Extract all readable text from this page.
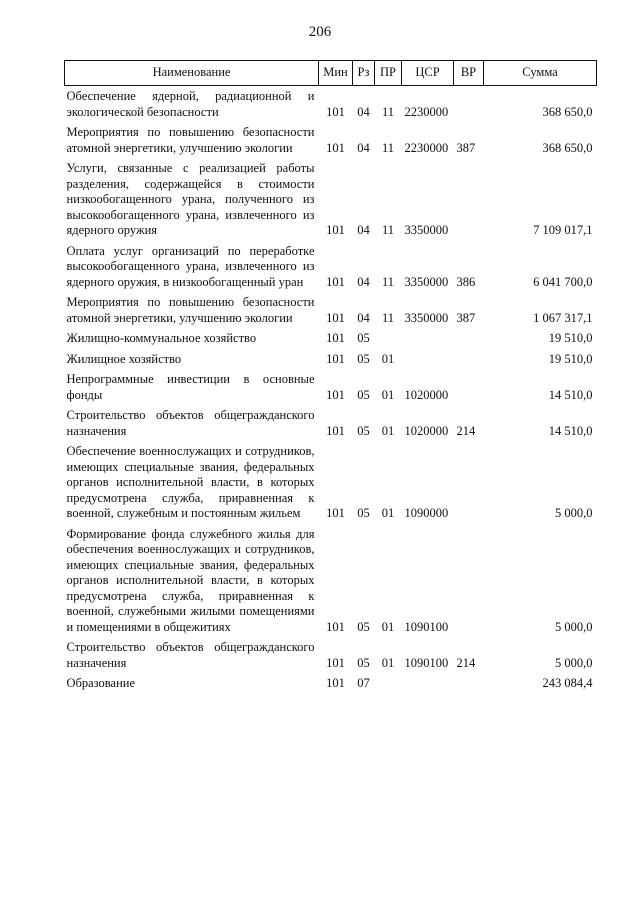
206
Наименование	Мин	Рз	ПР	ЦСР	ВР	Сумма
Обеспечение ядерной, радиационной и экологической безопасности	101	04	11	2230000		368 650,0
Мероприятия по повышению безопасности атомной энергетики, улучшению экологии	101	04	11	2230000	387	368 650,0
Услуги, связанные с реализацией работы разделения, содержащейся в стоимости низкообогащенного урана, полученного из высокообогащенного урана, извлеченного из ядерного оружия	101	04	11	3350000		7 109 017,1
Оплата услуг организаций по переработке высокообогащенного урана, извлеченного из ядерного оружия, в низкообогащенный уран	101	04	11	3350000	386	6 041 700,0
Мероприятия по повышению безопасности атомной энергетики, улучшению экологии	101	04	11	3350000	387	1 067 317,1
Жилищно-коммунальное хозяйство	101	05				19 510,0
Жилищное хозяйство	101	05	01			19 510,0
Непрограммные инвестиции в основные фонды	101	05	01	1020000		14 510,0
Строительство объектов общегражданского назначения	101	05	01	1020000	214	14 510,0
Обеспечение военнослужащих и сотрудников, имеющих специальные звания, федеральных органов исполнительной власти, в которых предусмотрена служба, приравненная к военной, служебным и постоянным жильем	101	05	01	1090000		5 000,0
Формирование фонда служебного жилья для обеспечения военнослужащих и сотрудников, имеющих специальные звания, федеральных органов исполнительной власти, в которых предусмотрена служба, приравненная к военной, служебными жилыми помещениями и помещениями в общежитиях	101	05	01	1090100		5 000,0
Строительство объектов общегражданского назначения	101	05	01	1090100	214	5 000,0
Образование	101	07				243 084,4
